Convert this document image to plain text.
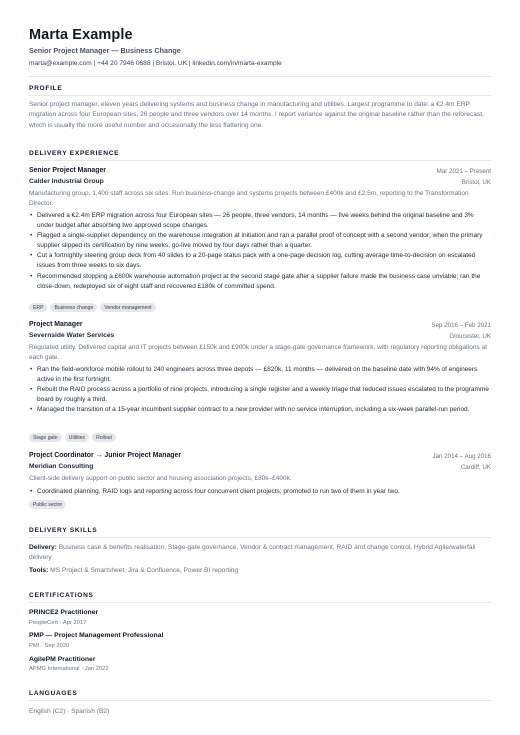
Marta Example
Senior Project Manager — Business Change
marta@example.com | +44 20 7946 0688 | Bristol, UK | linkedin.com/in/marta-example
PROFILE
Senior project manager, eleven years delivering systems and business change in manufacturing and utilities. Largest programme to date: a €2.4m ERP migration across four European sites, 26 people and three vendors over 14 months. I report variance against the original baseline rather than the reforecast, which is usually the more useful number and occasionally the less flattering one.
DELIVERY EXPERIENCE
Senior Project Manager	Mar 2021 – Present
Calder Industrial Group	Bristol, UK
Manufacturing group, 1,400 staff across six sites. Run business-change and systems projects between £400k and £2.5m, reporting to the Transformation Director.
• Delivered a €2.4m ERP migration across four European sites — 26 people, three vendors, 14 months — five weeks behind the original baseline and 3% under budget after absorbing two approved scope changes.
• Flagged a single-supplier dependency on the warehouse integration at initiation and ran a parallel proof of concept with a second vendor; when the primary supplier slipped its certification by nine weeks, go-live moved by four days rather than a quarter.
• Cut a fortnightly steering group deck from 40 slides to a 20-page status pack with a one-page decision log, cutting average time-to-decision on escalated issues from three weeks to six days.
• Recommended stopping a £600k warehouse automation project at the second stage gate after a supplier failure made the business case unviable; ran the close-down, redeployed six of eight staff and recovered £180k of committed spend.
ERP	Business change	Vendor management
Project Manager	Sep 2016 – Feb 2021
Severnside Water Services	Gloucester, UK
Regulated utility. Delivered capital and IT projects between £150k and £900k under a stage-gate governance framework, with regulatory reporting obligations at each gate.
• Ran the field-workforce mobile rollout to 240 engineers across three depots — £820k, 11 months — delivered on the baseline date with 94% of engineers active in the first fortnight.
• Rebuilt the RAID process across a portfolio of nine projects, introducing a single register and a weekly triage that reduced issues escalated to the programme board by roughly a third.
• Managed the transition of a 15-year incumbent supplier contract to a new provider with no service interruption, including a six-week parallel-run period.
Stage gate	Utilities	Rollout
Project Coordinator → Junior Project Manager	Jan 2014 – Aug 2016
Meridian Consulting	Cardiff, UK
Client-side delivery support on public sector and housing association projects, £80k–£400k.
• Coordinated planning, RAID logs and reporting across four concurrent client projects; promoted to run two of them in year two.
Public sector
DELIVERY SKILLS
Delivery: Business case & benefits realisation, Stage-gate governance, Vendor & contract management, RAID and change control, Hybrid Agile/waterfall delivery
Tools: MS Project & Smartsheet, Jira & Confluence, Power BI reporting
CERTIFICATIONS
PRINCE2 Practitioner
PeopleCert · Apr 2017
PMP — Project Management Professional
PMI · Sep 2020
AgilePM Practitioner
APMG International · Jan 2022
LANGUAGES
English (C2) · Spanish (B2)
